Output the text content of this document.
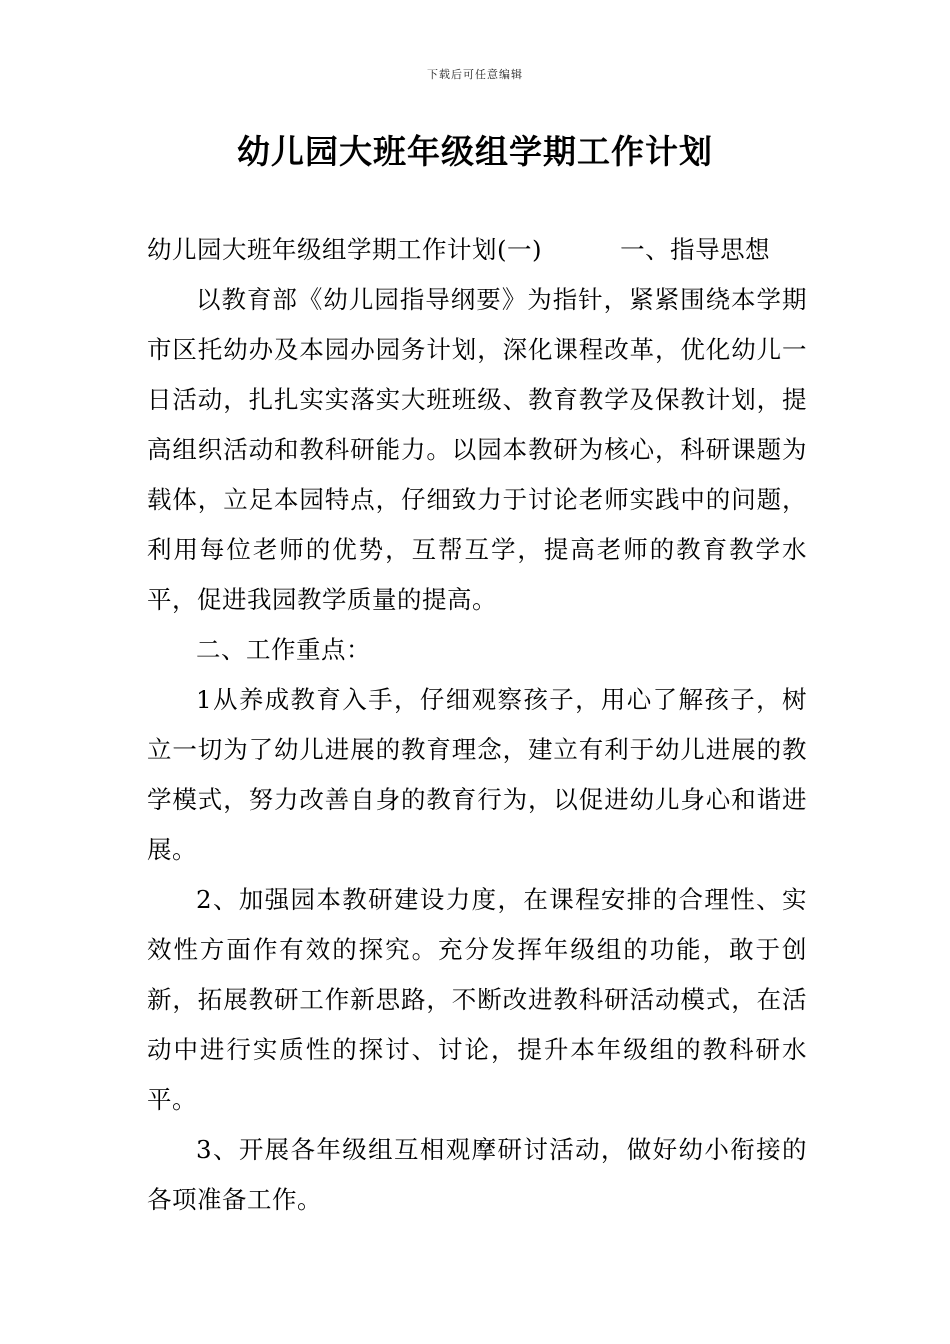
下载后可任意编辑
幼儿园大班年级组学期工作计划

幼儿园大班年级组学期工作计划(一)	一、指导思想

以教育部《幼儿园指导纲要》为指针，紧紧围绕本学期市区托幼办及本园办园务计划，深化课程改革，优化幼儿一日活动，扎扎实实落实大班班级、教育教学及保教计划，提高组织活动和教科研能力。以园本教研为核心，科研课题为载体，立足本园特点，仔细致力于讨论老师实践中的问题，利用每位老师的优势，互帮互学，提高老师的教育教学水平，促进我园教学质量的提高。

二、工作重点：

1从养成教育入手，仔细观察孩子，用心了解孩子，树立一切为了幼儿进展的教育理念，建立有利于幼儿进展的教学模式，努力改善自身的教育行为，以促进幼儿身心和谐进展。

2、加强园本教研建设力度，在课程安排的合理性、实效性方面作有效的探究。充分发挥年级组的功能，敢于创新，拓展教研工作新思路，不断改进教科研活动模式，在活动中进行实质性的探讨、讨论，提升本年级组的教科研水平。

3、开展各年级组互相观摩研讨活动，做好幼小衔接的各项准备工作。
